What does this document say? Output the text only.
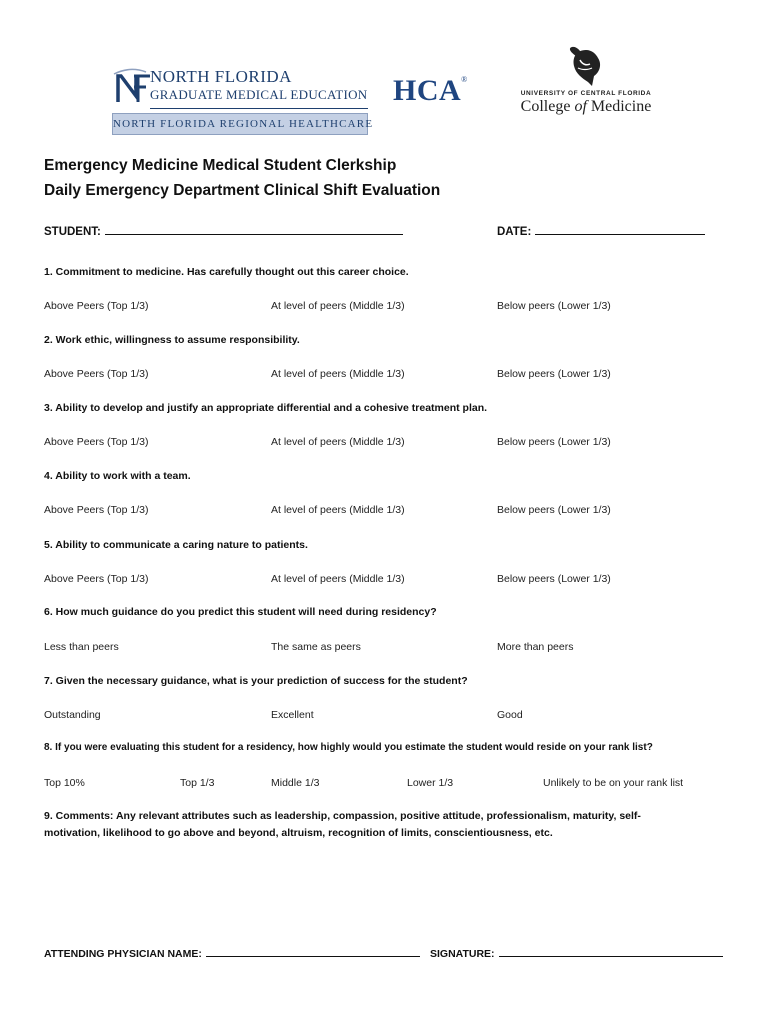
NORTH FLORIDA
GRADUATE MEDICAL EDUCATION
NORTH FLORIDA REGIONAL HEALTHCARE
HCA®
UNIVERSITY OF CENTRAL FLORIDA
College of Medicine
Emergency Medicine Medical Student Clerkship
Daily Emergency Department Clinical Shift Evaluation
STUDENT:	DATE:
1. Commitment to medicine. Has carefully thought out this career choice.
Above Peers (Top 1/3)	At level of peers (Middle 1/3)	Below peers (Lower 1/3)
2. Work ethic, willingness to assume responsibility.
Above Peers (Top 1/3)	At level of peers (Middle 1/3)	Below peers (Lower 1/3)
3. Ability to develop and justify an appropriate differential and a cohesive treatment plan.
Above Peers (Top 1/3)	At level of peers (Middle 1/3)	Below peers (Lower 1/3)
4. Ability to work with a team.
Above Peers (Top 1/3)	At level of peers (Middle 1/3)	Below peers (Lower 1/3)
5. Ability to communicate a caring nature to patients.
Above Peers (Top 1/3)	At level of peers (Middle 1/3)	Below peers (Lower 1/3)
6. How much guidance do you predict this student will need during residency?
Less than peers	The same as peers	More than peers
7. Given the necessary guidance, what is your prediction of success for the student?
Outstanding	Excellent	Good
8. If you were evaluating this student for a residency, how highly would you estimate the student would reside on your rank list?
Top 10%	Top 1/3	Middle 1/3	Lower 1/3	Unlikely to be on your rank list
9. Comments: Any relevant attributes such as leadership, compassion, positive attitude, professionalism, maturity, self-motivation, likelihood to go above and beyond, altruism, recognition of limits, conscientiousness, etc.
ATTENDING PHYSICIAN NAME:	SIGNATURE:
